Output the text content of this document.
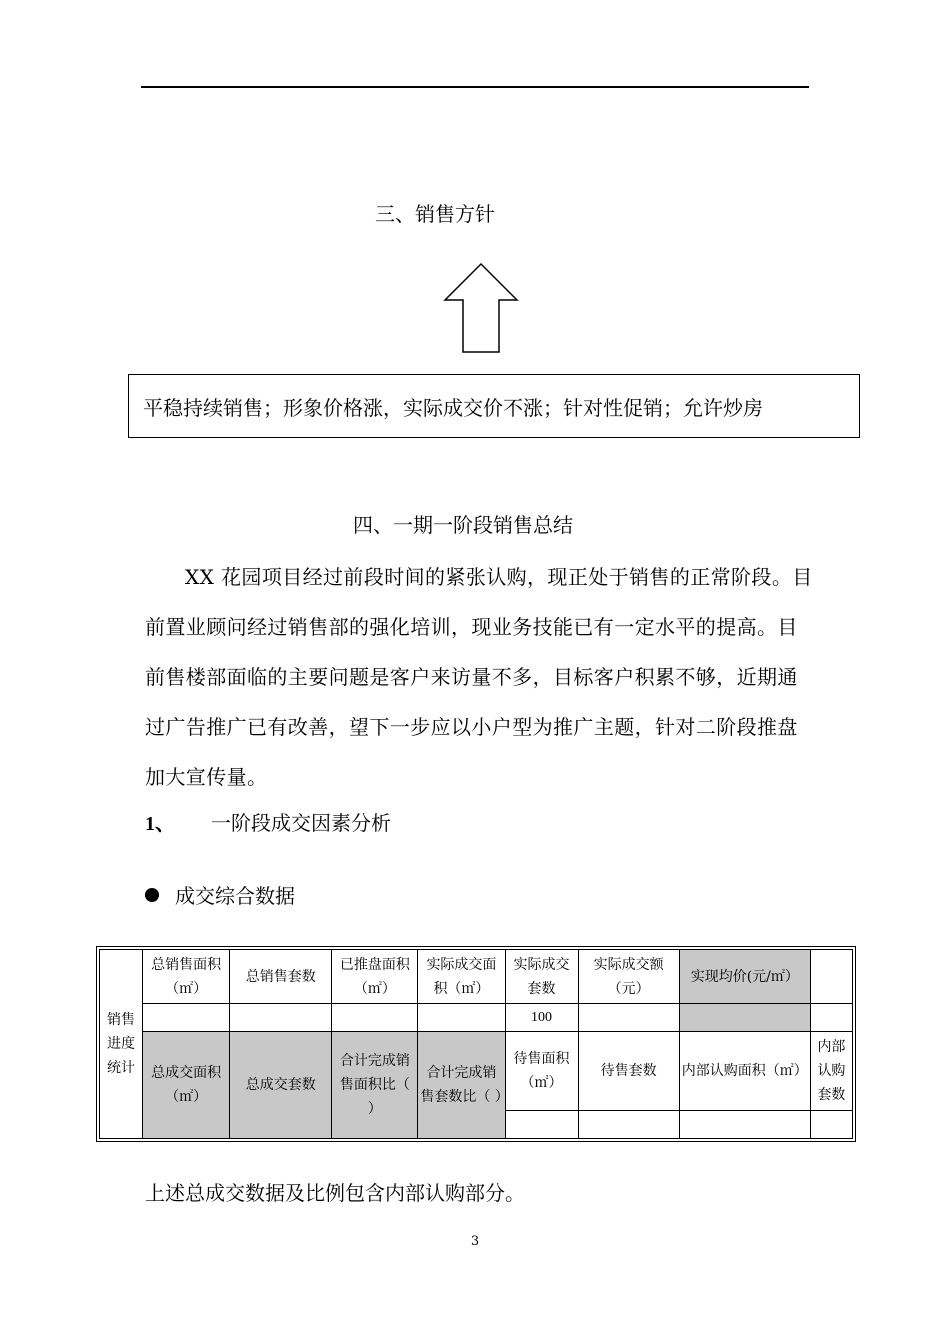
三、销售方针
平稳持续销售；形象价格涨，实际成交价不涨；针对性促销；允许炒房
四、一期一阶段销售总结

XX 花园项目经过前段时间的紧张认购，现正处于销售的正常阶段。目前置业顾问经过销售部的强化培训，现业务技能已有一定水平的提高。目前售楼部面临的主要问题是客户来访量不多，目标客户积累不够，近期通过广告推广已有改善，望下一步应以小户型为推广主题，针对二阶段推盘加大宣传量。

1、 一阶段成交因素分析
成交综合数据
销售进度统计	总销售面积（㎡）	总销售套数	已推盘面积（㎡）	实际成交面积（㎡）	实际成交套数	实际成交额（元）	实现均价(元/㎡）	
					100			
	总成交面积（㎡）	总成交套数	合计完成销售面积比（ ）	合计完成销售套数比（ ）	待售面积（㎡）	待售套数	内部认购面积（㎡）	内部认购套数

上述总成交数据及比例包含内部认购部分。
3
